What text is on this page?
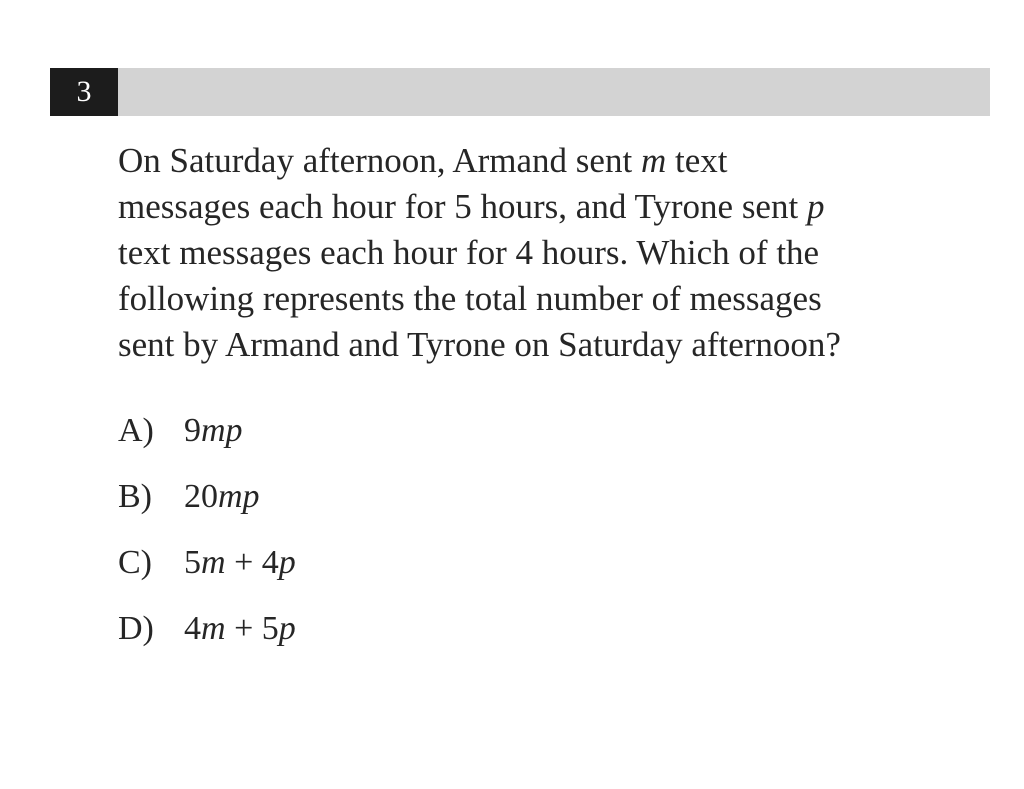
3
On Saturday afternoon, Armand sent m text
messages each hour for 5 hours, and Tyrone sent p
text messages each hour for 4 hours. Which of the
following represents the total number of messages
sent by Armand and Tyrone on Saturday afternoon?
A) 9mp
B) 20mp
C) 5m + 4p
D) 4m + 5p
